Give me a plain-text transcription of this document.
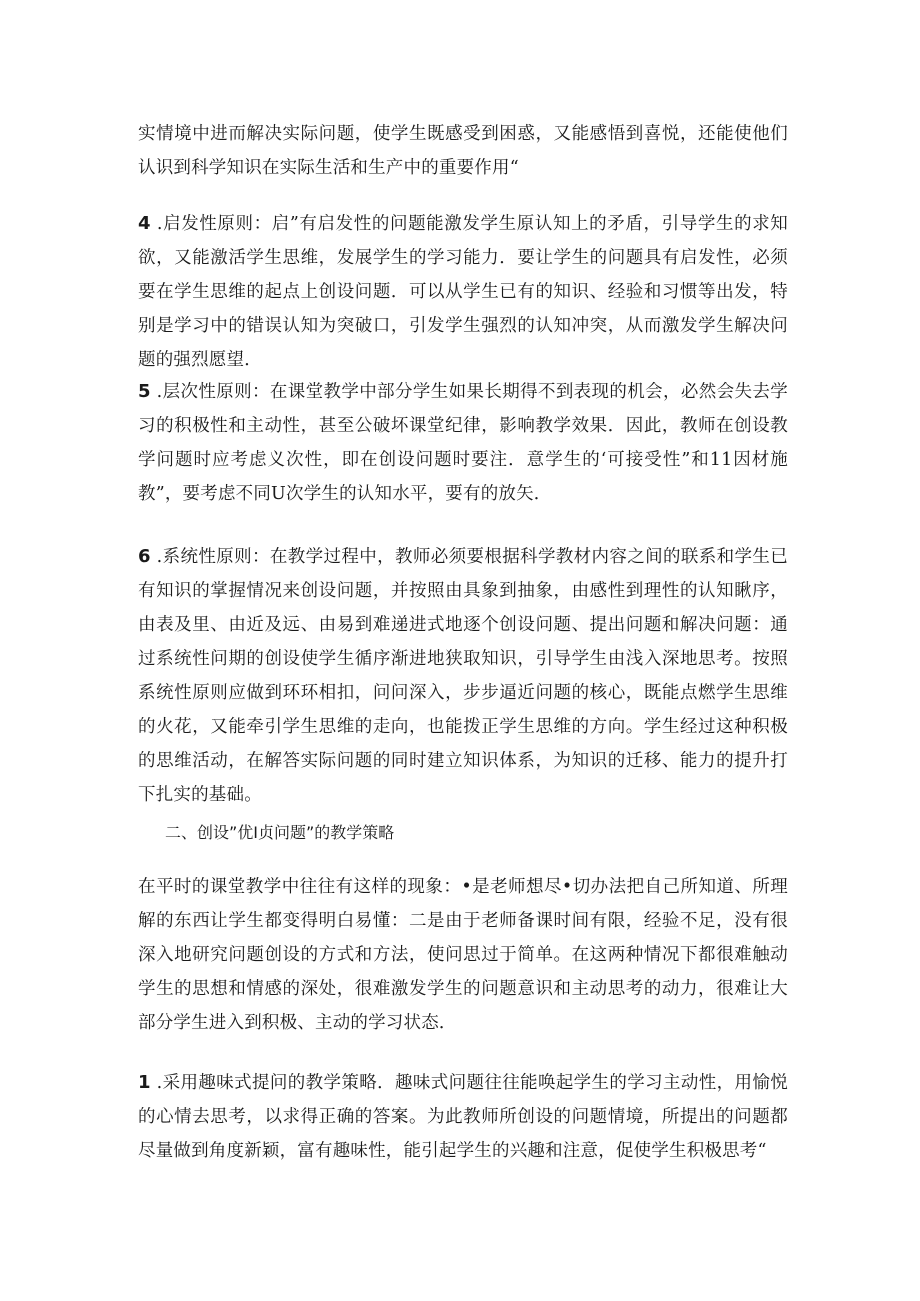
实情境中进而解决实际问题，使学生既感受到困惑，又能感悟到喜悦，还能使他们认识到科学知识在实际生活和生产中的重要作用“

4 .启发性原则：启”有启发性的问题能激发学生原认知上的矛盾，引导学生的求知欲，又能激活学生思维，发展学生的学习能力．要让学生的问题具有启发性，必须要在学生思维的起点上创设问题．可以从学生已有的知识、经验和习惯等出发，特别是学习中的错误认知为突破口，引发学生强烈的认知冲突，从而激发学生解决问题的强烈愿望．

5 .层次性原则：在课堂教学中部分学生如果长期得不到表现的机会，必然会失去学习的积极性和主动性，甚至公破坏课堂纪律，影响教学效果．因此，教师在创设教学问题时应考虑义次性，即在创设问题时要注．意学生的‘可接受性”和11因材施教”，要考虑不同U次学生的认知水平，要有的放矢．

6 .系统性原则：在教学过程中，教师必须要根据科学教材内容之间的联系和学生已有知识的掌握情况来创设问题，并按照由具象到抽象，由感性到理性的认知瞅序，由表及里、由近及远、由易到难递进式地逐个创设问题、提出问题和解决问题：通过系统性问期的创设使学生循序渐进地狭取知识，引导学生由浅入深地思考。按照系统性原则应做到环环相扣，问问深入，步步逼近问题的核心，既能点燃学生思维的火花，又能牵引学生思维的走向，也能拨正学生思维的方向。学生经过这种积极的思维活动，在解答实际问题的同时建立知识体系，为知识的迁移、能力的提升打下扎实的基础。

二、创设”优I贞问题”的教学策略

在平时的课堂教学中往往有这样的现象：•是老师想尽•切办法把自己所知道、所理解的东西让学生都变得明白易懂：二是由于老师备课时间有限，经验不足，没有很深入地研究问题创设的方式和方法，使问思过于简单。在这两种情况下都很难触动学生的思想和情感的深处，很难激发学生的问题意识和主动思考的动力，很难让大部分学生进入到积极、主动的学习状态．

1 .采用趣味式提问的教学策略．趣味式问题往往能唤起学生的学习主动性，用愉悦的心情去思考，以求得正确的答案。为此教师所创设的问题情境，所提出的问题都尽量做到角度新颖，富有趣味性，能引起学生的兴趣和注意，促使学生积极思考“
